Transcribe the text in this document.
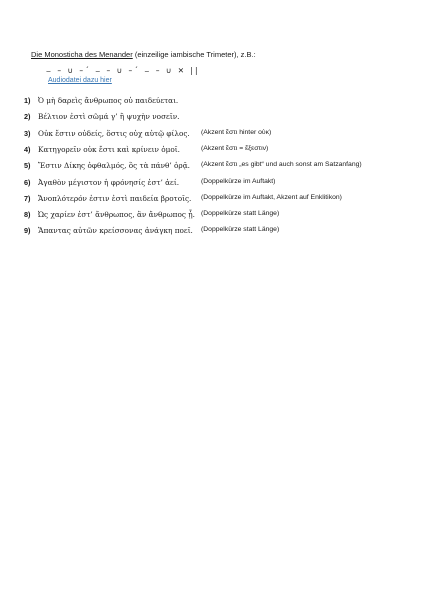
Die Monosticha des Menander (einzeilige iambische Trimeter), z.B.:
⌣ – ∪ –´ ⌣ – ∪ –´ ⌣ – ∪ ✕ ||
Audiodatei dazu hier
1) Ὀ μὴ δαρεὶς ἄνθρωπος οὐ παιδεύεται.
2) Βέλτιον ἐστὶ σῶμά γ’ ἢ ψυχὴν νοσεῖν.
3) Οὐκ ἔστιν οὐδείς, ὅστις οὐχ αὑτῷ φίλος. (Akzent ἔστι hinter οὐκ)
4) Κατηγορεῖν οὐκ ἔστι καὶ κρίνειν ὁμοῖ.	(Akzent ἔστι = ἔξεστιν)
5) Ἔστιν Δίκης ὀφθαλμός, ὃς τὰ πάνθ’ ὁρᾷ. (Akzent ἔστι „es gibt“ und auch sonst am Satzanfang)
6) Ἀγαθὸν μέγιστον ἡ φρόνησίς ἐστ’ ἀεί.	(Doppelkürze im Auftakt)
7) Ἄνοπλότερόν ἐστιν ἐστὶ παιδεία βροτοῖς. (Doppelkürze im Auftakt, Akzent auf Enklitikon)
8) Ὠς χαρίεν ἐστ’ ἄνθρωπος, ἂν ἄνθρωπος ᾖ. (Doppelkürze statt Länge)
9) Ἅπαντας αὐτῶν κρείσσονας ἀνάγκη ποεῖ. (Doppelkürze statt Länge)
